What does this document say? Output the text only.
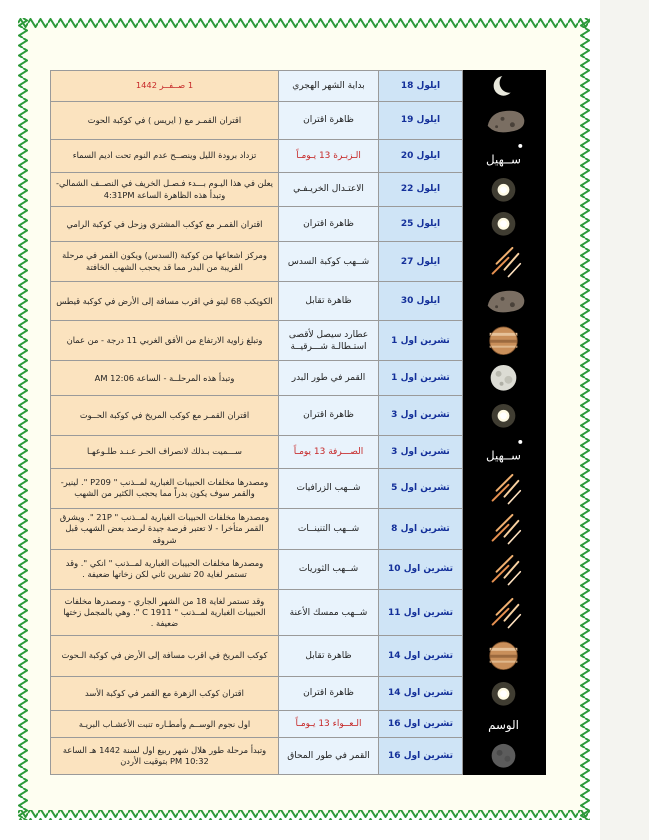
1 صــفــر 1442	بداية الشهر الهجري	ايلول 18	

اقتران القمـر مع ( ايريس ) في كوكبة الحوت	ظاهرة اقتران	ايلول 19	

تزداد برودة الليل وينصــح عدم النوم تحت اديم السماء	الـزبـرة 13 يـومـاً	ايلول 20	ســهيل

يعلن في هذا اليـوم بـــدء فـصـل الخريف في النصــف الشمالي- وتبدأ هذه الظاهرة الساعة 4:31PM	الاعتـدال الخريـفـي	ايلول 22	

اقتران القمـر مع كوكب المشتري وزحل في كوكبة الرامي	ظاهرة اقتران	ايلول 25	

ومركز اشعاعها من كوكبة (السدس) ويكون القمر في مرحلة القريبة من البدر مما قد يحجب الشهب الخافتة	شــهب كوكبة السدس	ايلول 27	

الكويكب 68 ليتو في اقرب مسافة إلى الأرض في كوكبة قيطس	ظاهرة تقابل	ايلول 30	

وتبلغ زاوية الارتفاع من الأفق الغربي 11 درجة - من عمان	عطارد سيصل لأقصى استـطالـة شـــرقيــة	تشرين اول 1	

وتبدأ هذه المرحلــة - الساعة 12:06 AM	القمر في طور البدر	تشرين اول 1	

اقتران القمـر مع كوكب المريخ في كوكبة الحــوت	ظاهرة اقتران	تشرين اول 3	

ســـميت بـذلك لانصراف الحـر عـنـد طلـوعهـا	الصـــرفة 13 يومـاً	تشرين اول 3	ســهيل

ومصدرها مخلفات الحبيبات الغبارية لمــذنب " P209 ". لينير- والقمر سوف يكون بدراً مما يحجب الكثير من الشهب	شــهب الزرافيات	تشرين اول 5	

ومصدرها مخلفات الحبيبات الغبارية لمــذنب " 21P ". ويشرق القمر متأخرا - لا تعتبر فرصة جيدة لرصد بعض الشهب قبل شروقه	شــهب التنينــات	تشرين اول 8	

ومصدرها مخلفات الحبيبات الغبارية لمــذنب " انكي ". وقد تستمر لغاية 20 تشرين ثاني لكن زخاتها ضعيفة .	شــهب الثوريات	تشرين اول 10	

وقد تستمر لغاية 18 من الشهر الجاري - ومصدرها مخلفات الحبيبات الغبارية لمــذنب " C 1911 ". وهي بالمجمل زختها ضعيفة .	شــهب ممسك الأعنة	تشرين اول 11	

كوكب المريخ في اقرب مسافة إلى الأرض في كوكبة الـحوت	ظاهرة تقابل	تشرين اول 14	

اقتران كوكب الزهرة مع القمر في كوكبة الأسد	ظاهرة اقتران	تشرين اول 14	

اول نجوم الوســم وأمطـاره تنبت الأعشـاب البريـة	الـعــواء 13 يـومـاً	تشرين اول 16	الوسم

وتبدأ مرحلة طور هلال شهر ربيع اول لسنة 1442 هـ الساعة 10:32 PM بتوقيت الأردن	القمر في طور المحاق	تشرين اول 16	
